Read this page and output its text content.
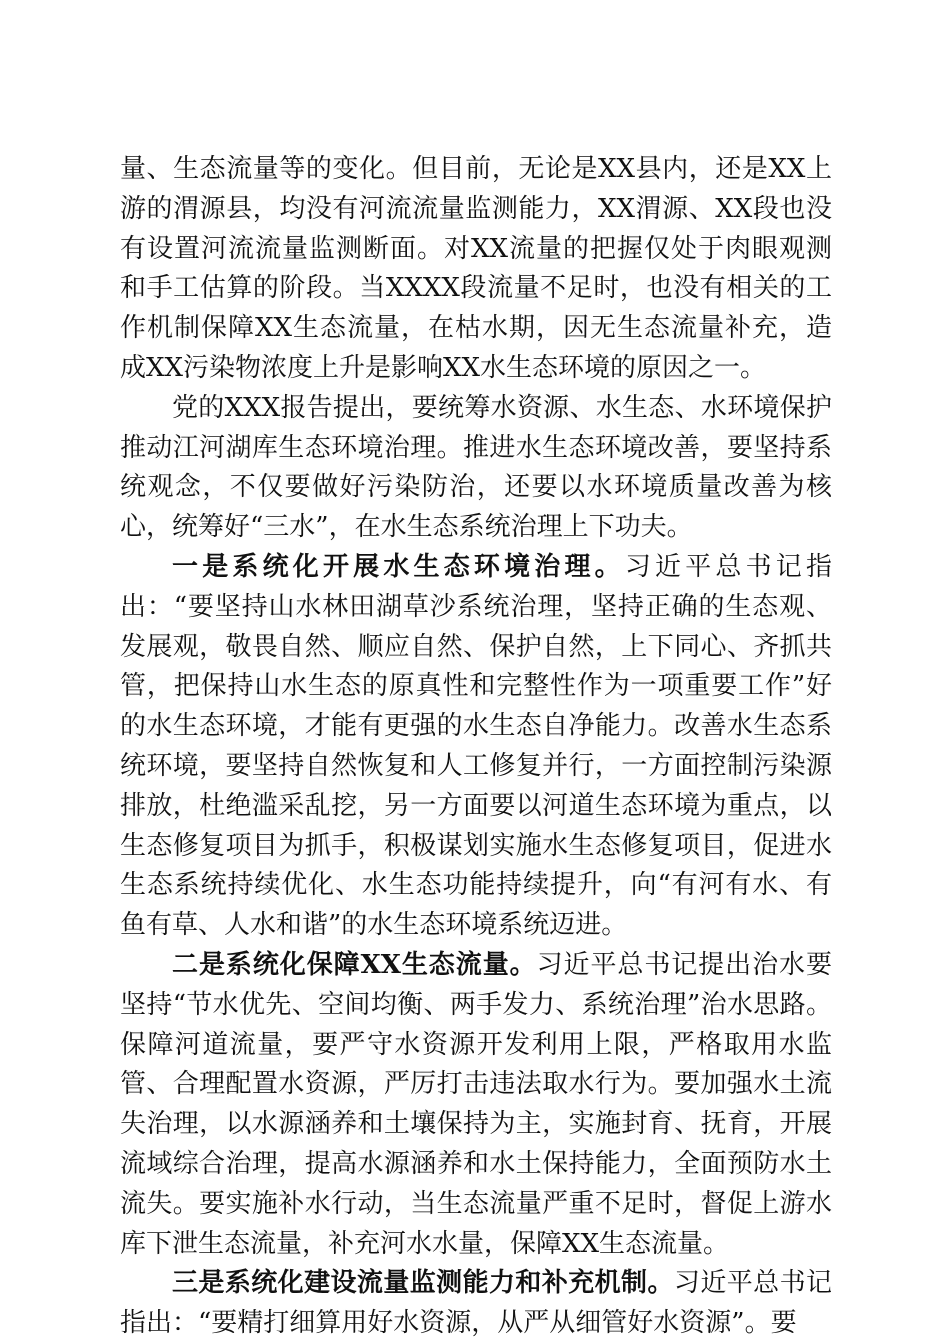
量、生态流量等的变化。但目前，无论是XX县内，还是XX上游的渭源县，均没有河流流量监测能力，XX渭源、XX段也没有设置河流流量监测断面。对XX流量的把握仅处于肉眼观测和手工估算的阶段。当XXXX段流量不足时，也没有相关的工作机制保障XX生态流量，在枯水期，因无生态流量补充，造成XX污染物浓度上升是影响XX水生态环境的原因之一。

党的XXX报告提出，要统筹水资源、水生态、水环境保护推动江河湖库生态环境治理。推进水生态环境改善，要坚持系统观念，不仅要做好污染防治，还要以水环境质量改善为核心，统筹好“三水”，在水生态系统治理上下功夫。

一是系统化开展水生态环境治理。习近平总书记指出：“要坚持山水林田湖草沙系统治理，坚持正确的生态观、发展观，敬畏自然、顺应自然、保护自然，上下同心、齐抓共管，把保持山水生态的原真性和完整性作为一项重要工作”好的水生态环境，才能有更强的水生态自净能力。改善水生态系统环境，要坚持自然恢复和人工修复并行，一方面控制污染源排放，杜绝滥采乱挖，另一方面要以河道生态环境为重点，以生态修复项目为抓手，积极谋划实施水生态修复项目，促进水生态系统持续优化、水生态功能持续提升，向“有河有水、有鱼有草、人水和谐”的水生态环境系统迈进。

二是系统化保障XX生态流量。习近平总书记提出治水要坚持“节水优先、空间均衡、两手发力、系统治理”治水思路。保障河道流量，要严守水资源开发利用上限，严格取用水监管、合理配置水资源，严厉打击违法取水行为。要加强水土流失治理，以水源涵养和土壤保持为主，实施封育、抚育，开展流域综合治理，提高水源涵养和水土保持能力，全面预防水土流失。要实施补水行动，当生态流量严重不足时，督促上游水库下泄生态流量，补充河水水量，保障XX生态流量。

三是系统化建设流量监测能力和补充机制。习近平总书记指出：“要精打细算用好水资源，从严从细管好水资源”。要
